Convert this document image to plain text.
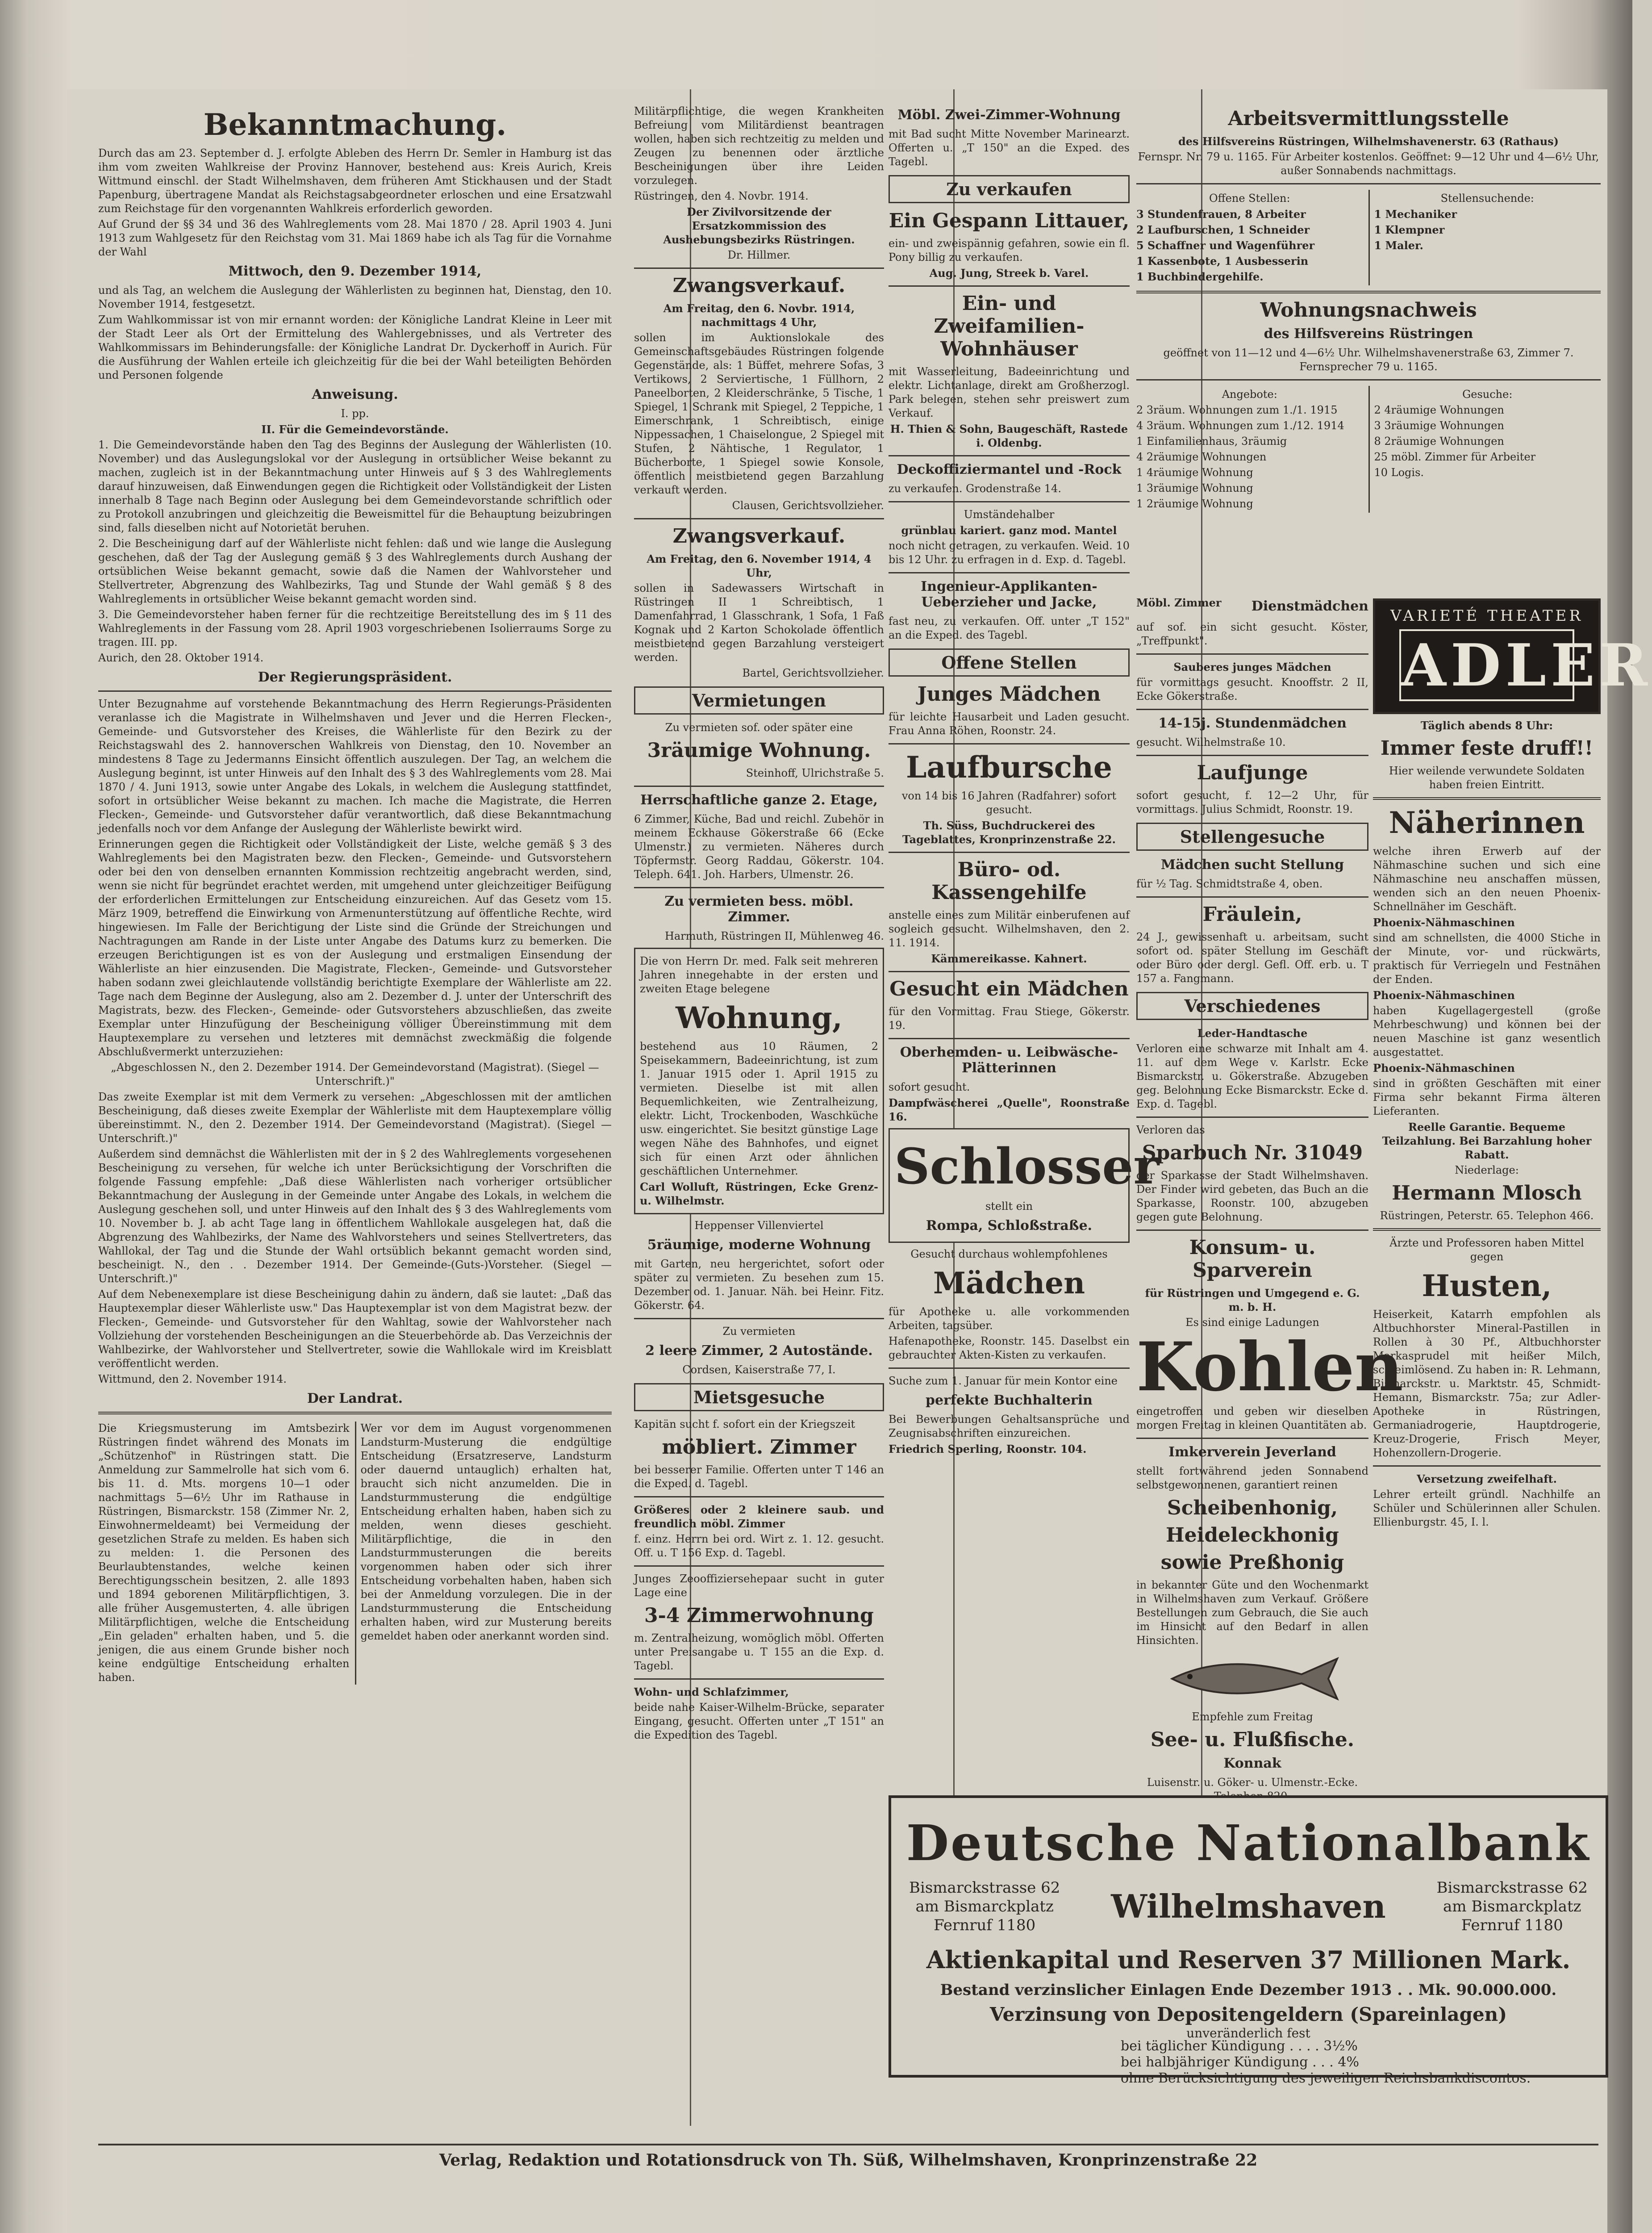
Bekanntmachung.

Durch das am 23. September d. J. erfolgte Ableben des Herrn Dr. Semler in Hamburg ist das ihm vom zweiten Wahlkreise der Provinz Hannover, bestehend aus: Kreis Aurich, Kreis Wittmund einschl. der Stadt Wilhelmshaven, dem früheren Amt Stickhausen und der Stadt Papenburg, übertragene Mandat als Reichstagsabgeordneter erloschen und eine Ersatzwahl zum Reichstage für den vorgenannten Wahlkreis erforderlich geworden.

Auf Grund der §§ 34 und 36 des Wahlreglements vom 28. Mai 1870 / 28. April 1903 4. Juni 1913 zum Wahlgesetz für den Reichstag vom 31. Mai 1869 habe ich als Tag für die Vornahme der Wahl

Mittwoch, den 9. Dezember 1914,

und als Tag, an welchem die Auslegung der Wählerlisten zu beginnen hat, Dienstag, den 10. November 1914, festgesetzt.

Zum Wahlkommissar ist von mir ernannt worden: der Königliche Landrat Kleine in Leer mit der Stadt Leer als Ort der Ermittelung des Wahlergebnisses, und als Vertreter des Wahlkommissars im Behinderungsfalle: der Königliche Landrat Dr. Dyckerhoff in Aurich. Für die Ausführung der Wahlen erteile ich gleichzeitig für die bei der Wahl beteiligten Behörden und Personen folgende

Anweisung.
I. pp.
II. Für die Gemeindevorstände.

1. Die Gemeindevorstände haben den Tag des Beginns der Auslegung der Wählerlisten (10. November) und das Auslegungslokal vor der Auslegung in ortsüblicher Weise bekannt zu machen, zugleich ist in der Bekanntmachung unter Hinweis auf § 3 des Wahlreglements darauf hinzuweisen, daß Einwendungen gegen die Richtigkeit oder Vollständigkeit der Listen innerhalb 8 Tage nach Beginn oder Auslegung bei dem Gemeindevorstande schriftlich oder zu Protokoll anzubringen und gleichzeitig die Beweismittel für die Behauptung beizubringen sind, falls dieselben nicht auf Notorietät beruhen.

2. Die Bescheinigung darf auf der Wählerliste nicht fehlen: daß und wie lange die Auslegung geschehen, daß der Tag der Auslegung gemäß § 3 des Wahlreglements durch Aushang der ortsüblichen Weise bekannt gemacht, sowie daß die Namen der Wahlvorsteher und Stellvertreter, Abgrenzung des Wahlbezirks, Tag und Stunde der Wahl gemäß § 8 des Wahlreglements in ortsüblicher Weise bekannt gemacht worden sind.

3. Die Gemeindevorsteher haben ferner für die rechtzeitige Bereitstellung des im § 11 des Wahlreglements in der Fassung vom 28. April 1903 vorgeschriebenen Isolierraums Sorge zu tragen. III. pp.

Aurich, den 28. Oktober 1914.
Der Regierungspräsident.

Unter Bezugnahme auf vorstehende Bekanntmachung des Herrn Regierungs-Präsidenten veranlasse ich die Magistrate in Wilhelmshaven und Jever und die Herren Flecken-, Gemeinde- und Gutsvorsteher des Kreises, die Wählerliste für den Bezirk zu der Reichstagswahl des 2. hannoverschen Wahlkreis von Dienstag, den 10. November an mindestens 8 Tage zu Jedermanns Einsicht öffentlich auszulegen. Der Tag, an welchem die Auslegung beginnt, ist unter Hinweis auf den Inhalt des § 3 des Wahlreglements vom 28. Mai 1870 / 4. Juni 1913, sowie unter Angabe des Lokals, in welchem die Auslegung stattfindet, sofort in ortsüblicher Weise bekannt zu machen. Ich mache die Magistrate, die Herren Flecken-, Gemeinde- und Gutsvorsteher dafür verantwortlich, daß diese Bekanntmachung jedenfalls noch vor dem Anfange der Auslegung der Wählerliste bewirkt wird.

Erinnerungen gegen die Richtigkeit oder Vollständigkeit der Liste, welche gemäß § 3 des Wahlreglements bei den Magistraten bezw. den Flecken-, Gemeinde- und Gutsvorstehern oder bei den von denselben ernannten Kommission rechtzeitig angebracht werden, sind, wenn sie nicht für begründet erachtet werden, mit umgehend unter gleichzeitiger Beifügung der erforderlichen Ermittelungen zur Entscheidung einzureichen. Auf das Gesetz vom 15. März 1909, betreffend die Einwirkung von Armenunterstützung auf öffentliche Rechte, wird hingewiesen. Im Falle der Berichtigung der Liste sind die Gründe der Streichungen und Nachtragungen am Rande in der Liste unter Angabe des Datums kurz zu bemerken. Die erzeugen Berichtigungen ist es von der Auslegung und erstmaligen Einsendung der Wählerliste an hier einzusenden. Die Magistrate, Flecken-, Gemeinde- und Gutsvorsteher haben sodann zwei gleichlautende vollständig berichtigte Exemplare der Wählerliste am 22. Tage nach dem Beginne der Auslegung, also am 2. Dezember d. J. unter der Unterschrift des Magistrats, bezw. des Flecken-, Gemeinde- oder Gutsvorstehers abzuschließen, das zweite Exemplar unter Hinzufügung der Bescheinigung völliger Übereinstimmung mit dem Hauptexemplare zu versehen und letzteres mit demnächst zweckmäßig die folgende Abschlußvermerkt unterzuziehen:

„Abgeschlossen N., den 2. Dezember 1914. Der Gemeindevorstand (Magistrat). (Siegel — Unterschrift.)"

Das zweite Exemplar ist mit dem Vermerk zu versehen: „Abgeschlossen mit der amtlichen Bescheinigung, daß dieses zweite Exemplar der Wählerliste mit dem Hauptexemplare völlig übereinstimmt. N., den 2. Dezember 1914. Der Gemeindevorstand (Magistrat). (Siegel — Unterschrift.)"

Außerdem sind demnächst die Wählerlisten mit der in § 2 des Wahlreglements vorgesehenen Bescheinigung zu versehen, für welche ich unter Berücksichtigung der Vorschriften die folgende Fassung empfehle: „Daß diese Wählerlisten nach vorheriger ortsüblicher Bekanntmachung der Auslegung in der Gemeinde unter Angabe des Lokals, in welchem die Auslegung geschehen soll, und unter Hinweis auf den Inhalt des § 3 des Wahlreglements vom 10. November b. J. ab acht Tage lang in öffentlichem Wahllokale ausgelegen hat, daß die Abgrenzung des Wahlbezirks, der Name des Wahlvorstehers und seines Stellvertreters, das Wahllokal, der Tag und die Stunde der Wahl ortsüblich bekannt gemacht worden sind, bescheinigt. N., den . . Dezember 1914. Der Gemeinde-(Guts-)Vorsteher. (Siegel — Unterschrift.)"

Auf dem Nebenexemplare ist diese Bescheinigung dahin zu ändern, daß sie lautet: „Daß das Hauptexemplar dieser Wählerliste usw." Das Hauptexemplar ist von dem Magistrat bezw. der Flecken-, Gemeinde- und Gutsvorsteher für den Wahltag, sowie der Wahlvorsteher nach Vollziehung der vorstehenden Bescheinigungen an die Steuerbehörde ab. Das Verzeichnis der Wahlbezirke, der Wahlvorsteher und Stellvertreter, sowie die Wahllokale wird im Kreisblatt veröffentlicht werden.

Wittmund, den 2. November 1914.
Der Landrat.
Die Kriegsmusterung im Amtsbezirk Rüstringen findet während des Monats im „Schützenhof" in Rüstringen statt. Die Anmeldung zur Sammelrolle hat sich vom 6. bis 11. d. Mts. morgens 10—1 oder nachmittags 5—6½ Uhr im Rathause in Rüstringen, Bismarckstr. 158 (Zimmer Nr. 2, Einwohnermeldeamt) bei Vermeidung der gesetzlichen Strafe zu melden. Es haben sich zu melden: 1. die Personen des Beurlaubtenstandes, welche keinen Berechtigungsschein besitzen, 2. alle 1893 und 1894 geborenen Militärpflichtigen, 3. alle früher Ausgemusterten, 4. alle übrigen Militärpflichtigen, welche die Entscheidung „Ein geladen" erhalten haben, und 5. die jenigen, die aus einem Grunde bisher noch keine endgültige Entscheidung erhalten haben.
Wer vor dem im August vorgenommenen Landsturm-Musterung die endgültige Entscheidung (Ersatzreserve, Landsturm oder dauernd untauglich) erhalten hat, braucht sich nicht anzumelden. Die in Landsturmmusterung die endgültige Entscheidung erhalten haben, haben sich zu melden, wenn dieses geschieht. Militärpflichtige, die in den Landsturmmusterungen die bereits vorgenommen haben oder sich ihrer Entscheidung vorbehalten haben, haben sich bei der Anmeldung vorzulegen. Die in der Landsturmmusterung die Entscheidung erhalten haben, wird zur Musterung bereits gemeldet haben oder anerkannt worden sind.

Militärpflichtige, die wegen Krankheiten Befreiung vom Militärdienst beantragen wollen, haben sich rechtzeitig zu melden und Zeugen zu benennen oder ärztliche Bescheinigungen über ihre Leiden vorzulegen.

Rüstringen, den 4. Novbr. 1914.
Der Zivilvorsitzende der Ersatzkommission des Aushebungsbezirks Rüstringen.
Dr. Hillmer.
Zwangsverkauf.
Am Freitag, den 6. Novbr. 1914, nachmittags 4 Uhr,

sollen im Auktionslokale des Gemeinschaftsgebäudes Rüstringen folgende Gegenstände, als: 1 Büffet, mehrere Sofas, 3 Vertikows, 2 Serviertische, 1 Füllhorn, 2 Paneelborten, 2 Kleiderschränke, 5 Tische, 1 Spiegel, 1 Schrank mit Spiegel, 2 Teppiche, 1 Eimerschrank, 1 Schreibtisch, einige Nippessachen, 1 Chaiselongue, 2 Spiegel mit Stufen, 2 Nähtische, 1 Regulator, 1 Bücherborte, 1 Spiegel sowie Konsole, öffentlich meistbietend gegen Barzahlung verkauft werden.

Clausen, Gerichtsvollzieher.
Zwangsverkauf.
Am Freitag, den 6. November 1914, 4 Uhr,

sollen in Sadewassers Wirtschaft in Rüstringen II 1 Schreibtisch, 1 Damenfahrrad, 1 Glasschrank, 1 Sofa, 1 Faß Kognak und 2 Karton Schokolade öffentlich meistbietend gegen Barzahlung versteigert werden.

Bartel, Gerichtsvollzieher.
Vermietungen
Zu vermieten sof. oder später eine
3räumige Wohnung.
Steinhoff, Ulrichstraße 5.
Herrschaftliche ganze 2. Etage,

6 Zimmer, Küche, Bad und reichl. Zubehör in meinem Eckhause Gökerstraße 66 (Ecke Ulmenstr.) zu vermieten. Näheres durch Töpfermstr. Georg Raddau, Gökerstr. 104. Teleph. 641. Joh. Harbers, Ulmenstr. 26.

Zu vermieten bess. möbl. Zimmer.
Harmuth, Rüstringen II, Mühlenweg 46.

Die von Herrn Dr. med. Falk seit mehreren Jahren innegehabte in der ersten und zweiten Etage belegene

Wohnung,

bestehend aus 10 Räumen, 2 Speisekammern, Badeeinrichtung, ist zum 1. Januar 1915 oder 1. April 1915 zu vermieten. Dieselbe ist mit allen Bequemlichkeiten, wie Zentralheizung, elektr. Licht, Trockenboden, Waschküche usw. eingerichtet. Sie besitzt günstige Lage wegen Nähe des Bahnhofes, und eignet sich für einen Arzt oder ähnlichen geschäftlichen Unternehmer.

Carl Wolluft, Rüstringen, Ecke Grenz- u. Wilhelmstr.
Heppenser Villenviertel
5räumige, moderne Wohnung

mit Garten, neu hergerichtet, sofort oder später zu vermieten. Zu besehen zum 15. Dezember od. 1. Januar. Näh. bei Heinr. Fitz. Gökerstr. 64.

Zu vermieten
2 leere Zimmer, 2 Autostände.
Cordsen, Kaiserstraße 77, I.
Mietsgesuche
Kapitän sucht f. sofort ein der Kriegszeit
möbliert. Zimmer

bei besserer Familie. Offerten unter T 146 an die Exped. d. Tagebl.

Größeres oder 2 kleinere saub. und freundlich möbl. Zimmer

f. einz. Herrn bei ord. Wirt z. 1. 12. gesucht. Off. u. T 156 Exp. d. Tagebl.

Junges Zeooffiziersehepaar sucht in guter Lage eine
3-4 Zimmerwohnung

m. Zentralheizung, womöglich möbl. Offerten unter Preisangabe u. T 155 an die Exp. d. Tagebl.

Wohn- und Schlafzimmer,

beide nahe Kaiser-Wilhelm-Brücke, separater Eingang, gesucht. Offerten unter „T 151" an die Expedition des Tagebl.

Möbl. Zwei-Zimmer-Wohnung

mit Bad sucht Mitte November Marinearzt. Offerten u. „T 150" an die Exped. des Tagebl.

Zu verkaufen
Ein Gespann Littauer,

ein- und zweispännig gefahren, sowie ein fl. Pony billig zu verkaufen.

Aug. Jung, Streek b. Varel.
Ein- und Zweifamilien-Wohnhäuser

mit Wasserleitung, Badeeinrichtung und elektr. Lichtanlage, direkt am Großherzogl. Park belegen, stehen sehr preiswert zum Verkauf.

H. Thien & Sohn, Baugeschäft, Rastede i. Oldenbg.
Deckoffiziermantel und -Rock
zu verkaufen. Grodenstraße 14.
Umständehalber
grünblau kariert. ganz mod. Mantel

noch nicht getragen, zu verkaufen. Weid. 10 bis 12 Uhr. zu erfragen in d. Exp. d. Tagebl.

Ingenieur-Applikanten-Ueberzieher und Jacke,

fast neu, zu verkaufen. Off. unter „T 152" an die Exped. des Tagebl.

Offene Stellen
Junges Mädchen

für leichte Hausarbeit und Laden gesucht. Frau Anna Röhen, Roonstr. 24.

Laufbursche

von 14 bis 16 Jahren (Radfahrer) sofort gesucht.

Th. Süss, Buchdruckerei des Tageblattes, Kronprinzenstraße 22.
Büro- od. Kassengehilfe

anstelle eines zum Militär einberufenen auf sogleich gesucht. Wilhelmshaven, den 2. 11. 1914.

Kämmereikasse. Kahnert.
Gesucht ein Mädchen

für den Vormittag. Frau Stiege, Gökerstr. 19.

Oberhemden- u. Leibwäsche-Plätterinnen
sofort gesucht.
Dampfwäscherei „Quelle", Roonstraße 16.
Schlosser
stellt ein
Rompa, Schloßstraße.
Gesucht durchaus wohlempfohlenes
Mädchen

für Apotheke u. alle vorkommenden Arbeiten, tagsüber.

Hafenapotheke, Roonstr. 145. Daselbst ein gebrauchter Akten-Kisten zu verkaufen.

Suche zum 1. Januar für mein Kontor eine
perfekte Buchhalterin

Bei Bewerbungen Gehaltsansprüche und Zeugnisabschriften einzureichen.

Friedrich Sperling, Roonstr. 104.
Möbl. Zimmer	Dienstmädchen

auf sof. ein sicht gesucht. Köster, „Treffpunkt".

Sauberes junges Mädchen

für vormittags gesucht. Knooffstr. 2 II, Ecke Gökerstraße.

14-15j. Stundenmädchen
gesucht. Wilhelmstraße 10.
Laufjunge

sofort gesucht, f. 12—2 Uhr, für vormittags. Julius Schmidt, Roonstr. 19.

Stellengesuche
Mädchen sucht Stellung
für ½ Tag. Schmidtstraße 4, oben.
Fräulein,

24 J., gewissenhaft u. arbeitsam, sucht sofort od. später Stellung im Geschäft oder Büro oder dergl. Gefl. Off. erb. u. T 157 a. Fangmann.

Verschiedenes
Leder-Handtasche

Verloren eine schwarze mit Inhalt am 4. 11. auf dem Wege v. Karlstr. Ecke Bismarckstr. u. Gökerstraße. Abzugeben geg. Belohnung Ecke Bismarckstr. Ecke d. Exp. d. Tagebl.

Verloren das
Sparbuch Nr. 31049

der Sparkasse der Stadt Wilhelmshaven. Der Finder wird gebeten, das Buch an die Sparkasse, Roonstr. 100, abzugeben gegen gute Belohnung.

Konsum- u. Sparverein
für Rüstringen und Umgegend e. G. m. b. H.
Es sind einige Ladungen
Kohlen

eingetroffen und geben wir dieselben morgen Freitag in kleinen Quantitäten ab.

Imkerverein Jeverland

stellt fortwährend jeden Sonnabend selbstgewonnenen, garantiert reinen

Scheibenhonig,
Heideleckhonig
sowie Preßhonig

in bekannter Güte und den Wochenmarkt in Wilhelmshaven zum Verkauf. Größere Bestellungen zum Gebrauch, die Sie auch im Hinsicht auf den Bedarf in allen Hinsichten.

Empfehle zum Freitag
See- u. Flußfische.
Konnak
Luisenstr. u. Göker- u. Ulmenstr.-Ecke.
Arbeitsvermittlungsstelle
des Hilfsvereins Rüstringen, Wilhelmshavenerstr. 63 (Rathaus)
Fernspr. Nr. 79 u. 1165. Für Arbeiter kostenlos. Geöffnet: 9—12 Uhr und 4—6½ Uhr, außer Sonnabends nachmittags.
Offene Stellen:
3 Stundenfrauen, 8 Arbeiter
2 Laufburschen, 1 Schneider
5 Schaffner und Wagenführer
1 Kassenbote, 1 Ausbesserin
1 Buchbindergehilfe.
Stellensuchende:
1 Mechaniker
1 Klempner
1 Maler.
Wohnungsnachweis
des Hilfsvereins Rüstringen
geöffnet von 11—12 und 4—6½ Uhr. Wilhelmshavenerstraße 63, Zimmer 7. Fernsprecher 79 u. 1165.
Angebote:
2 3räum. Wohnungen zum 1./1. 1915
4 3räum. Wohnungen zum 1./12. 1914
1 Einfamilienhaus, 3räumig
4 2räumige Wohnungen
1 4räumige Wohnung
1 3räumige Wohnung
1 2räumige Wohnung
Gesuche:
2 4räumige Wohnungen
3 3räumige Wohnungen
8 2räumige Wohnungen
25 möbl. Zimmer für Arbeiter
10 Logis.
VARIETÉ THEATER
ADLER
Täglich abends 8 Uhr:
Immer feste druff!!

Hier weilende verwundete Soldaten haben freien Eintritt.

Näherinnen

welche ihren Erwerb auf der Nähmaschine suchen und sich eine Nähmaschine neu anschaffen müssen, wenden sich an den neuen Phoenix-Schnellnäher im Geschäft.

Phoenix-Nähmaschinen

sind am schnellsten, die 4000 Stiche in der Minute, vor- und rückwärts, praktisch für Verriegeln und Festnähen der Enden.

Phoenix-Nähmaschinen

haben Kugellagergestell (große Mehrbeschwung) und können bei der neuen Maschine ist ganz wesentlich ausgestattet.

Phoenix-Nähmaschinen

sind in größten Geschäften mit einer Firma sehr bekannt Firma älteren Lieferanten.

Reelle Garantie. Bequeme Teilzahlung. Bei Barzahlung hoher Rabatt.
Niederlage:
Hermann Mlosch
Rüstringen, Peterstr. 65. Telephon 466.
Ärzte und Professoren haben Mittel gegen
Husten,

Heiserkeit, Katarrh empfohlen als Altbuchhorster Mineral-Pastillen in Rollen à 30 Pf., Altbuchhorster Markasprudel mit heißer Milch, schleimlösend. Zu haben in: R. Lehmann, Bismarckstr. u. Marktstr. 45, Schmidt-Hemann, Bismarckstr. 75a; zur Adler-Apotheke in Rüstringen, Germaniadrogerie, Hauptdrogerie, Kreuz-Drogerie, Frisch Meyer, Hohenzollern-Drogerie.

Versetzung zweifelhaft.

Lehrer erteilt gründl. Nachhilfe an Schüler und Schülerinnen aller Schulen. Ellienburgstr. 45, I. l.

Deutsche Nationalbank
Bismarckstrasse 62
am Bismarckplatz
Fernruf 1180
Bismarckstrasse 62
am Bismarckplatz
Fernruf 1180
Wilhelmshaven
Aktienkapital und Reserven 37 Millionen Mark.
Bestand verzinslicher Einlagen Ende Dezember 1913 . . Mk. 90.000.000.
Verzinsung von Depositengeldern (Spareinlagen)
unveränderlich fest
bei täglicher Kündigung . . . . 3½%
bei halbjähriger Kündigung . . . 4%
ohne Berücksichtigung des jeweiligen Reichsbankdiscontos.
Verlag, Redaktion und Rotationsdruck von Th. Süß, Wilhelmshaven, Kronprinzenstraße 22
